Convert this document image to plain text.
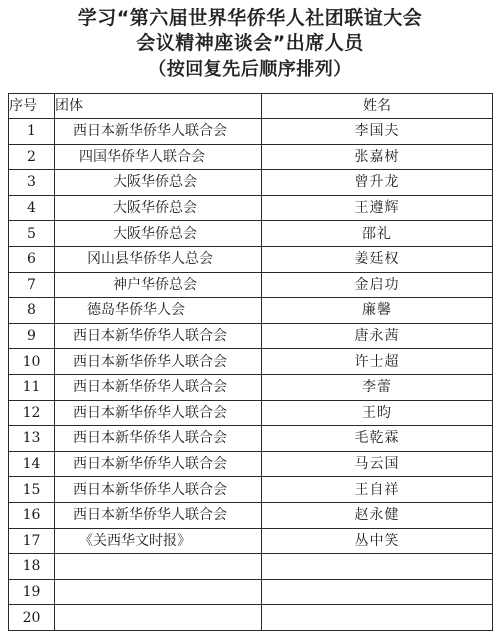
学习“第六届世界华侨华人社团联谊大会
会议精神座谈会”出席人员
（按回复先后顺序排列）
序号	团体	姓名
1	西日本新华侨华人联合会	李国夫
2	四国华侨华人联合会	张嘉树
3	大阪华侨总会	曾升龙
4	大阪华侨总会	王遵辉
5	大阪华侨总会	邵礼
6	冈山县华侨华人总会	姜廷权
7	神户华侨总会	金启功
8	德岛华侨华人会	廉馨
9	西日本新华侨华人联合会	唐永茜
10	西日本新华侨华人联合会	许士超
11	西日本新华侨华人联合会	李蕾
12	西日本新华侨华人联合会	王昀
13	西日本新华侨华人联合会	毛乾霖
14	西日本新华侨华人联合会	马云国
15	西日本新华侨华人联合会	王自祥
16	西日本新华侨华人联合会	赵永健
17	《关西华文时报》	丛中笑
18		
19		
20		
